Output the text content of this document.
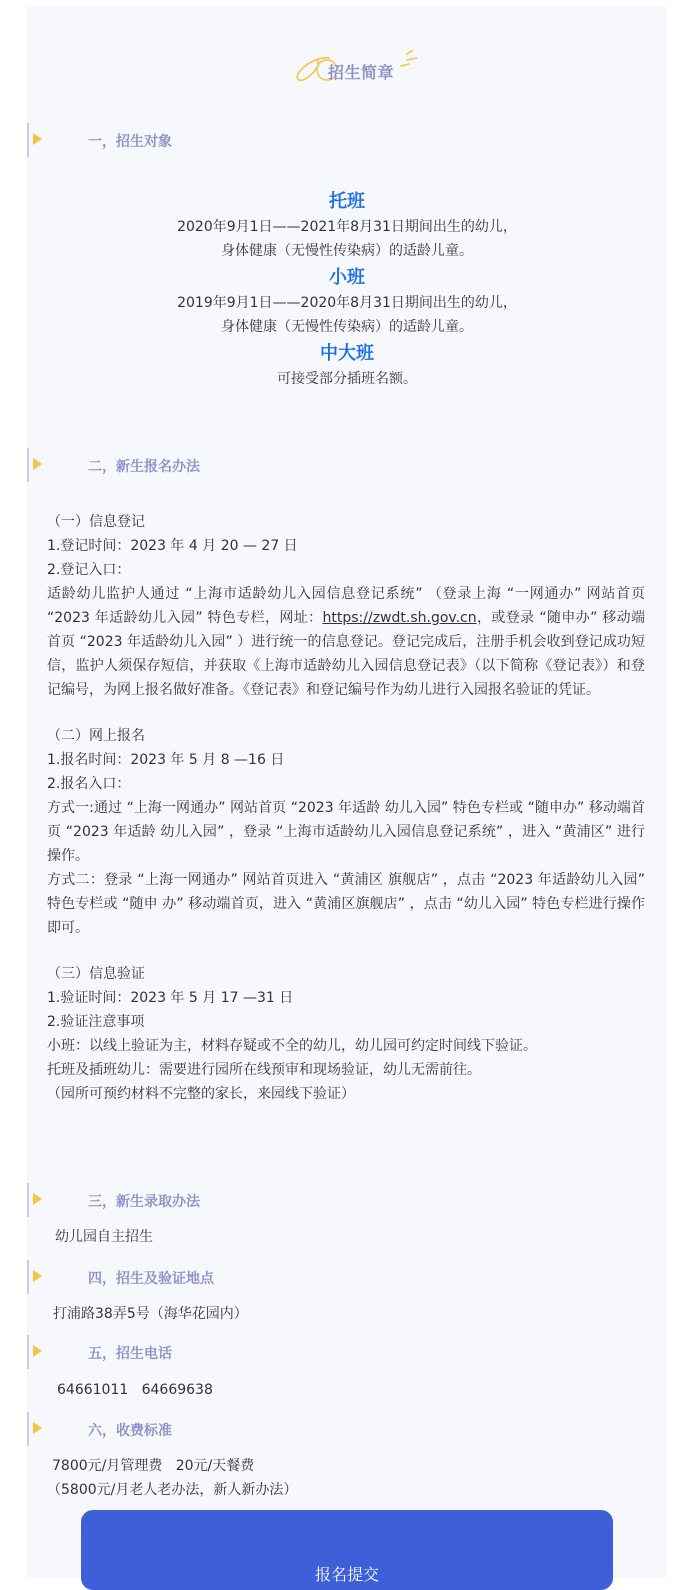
招生简章
一，招生对象
托班
2020年9月1日——2021年8月31日期间出生的幼儿，
身体健康（无慢性传染病）的适龄儿童。
小班
2019年9月1日——2020年8月31日期间出生的幼儿，
身体健康（无慢性传染病）的适龄儿童。
中大班
可接受部分插班名额。
二，新生报名办法

（一）信息登记

1.登记时间：2023 年 4 月 20 — 27 日

2.登记入口：

适龄幼儿监护人通过 “上海市适龄幼儿入园信息登记系统” （登录上海 “一网通办” 网站首页 “2023 年适龄幼儿入园” 特色专栏，网址：https://zwdt.sh.gov.cn，或登录 “随申办” 移动端首页 “2023 年适龄幼儿入园” ）进行统一的信息登记。登记完成后，注册手机会收到登记成功短信，监护人须保存短信，并获取《上海市适龄幼儿入园信息登记表》（以下简称《登记表》）和登记编号，为网上报名做好准备。《登记表》和登记编号作为幼儿进行入园报名验证的凭证。

（二）网上报名

1.报名时间：2023 年 5 月 8 —16 日

2.报名入口：

方式一:通过 “上海一网通办” 网站首页 “2023 年适龄 幼儿入园” 特色专栏或 “随申办” 移动端首页 “2023 年适龄 幼儿入园” ，登录 “上海市适龄幼儿入园信息登记系统” ，进入 “黄浦区” 进行操作。

方式二：登录 “上海一网通办” 网站首页进入 “黄浦区 旗舰店” ，点击 “2023 年适龄幼儿入园” 特色专栏或 “随申 办” 移动端首页，进入 “黄浦区旗舰店” ，点击 “幼儿入园” 特色专栏进行操作即可。

（三）信息验证

1.验证时间：2023 年 5 月 17 —31 日

2.验证注意事项

小班：以线上验证为主，材料存疑或不全的幼儿，幼儿园可约定时间线下验证。

托班及插班幼儿：需要进行园所在线预审和现场验证，幼儿无需前往。

（园所可预约材料不完整的家长，来园线下验证）

三，新生录取办法
幼儿园自主招生
四，招生及验证地点
打浦路38弄5号（海华花园内）
五，招生电话
64661011   64669638
六，收费标准
7800元/月管理费   20元/天餐费
（5800元/月老人老办法，新人新办法）
报名提交
